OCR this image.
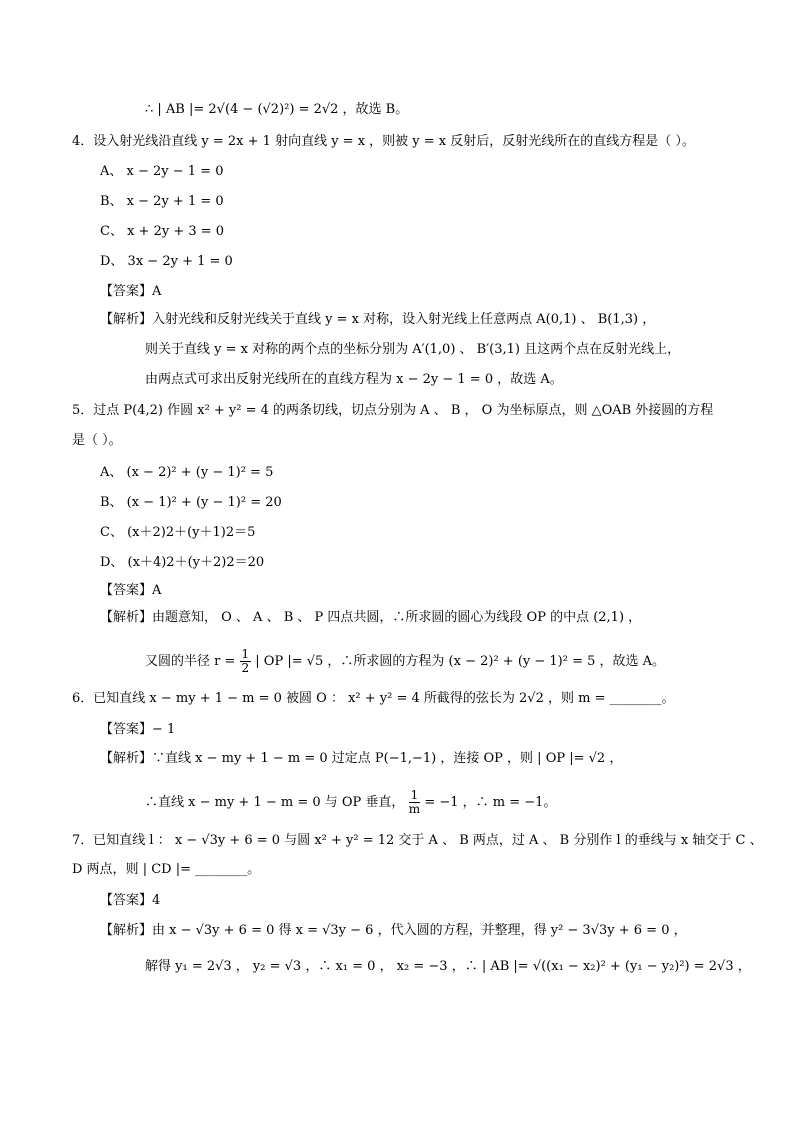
∴ | AB |= 2√(4 − (√2)²) = 2√2 ，故选 B。
4．设入射光线沿直线 y = 2x + 1 射向直线 y = x ，则被 y = x 反射后，反射光线所在的直线方程是（ ）。
A、 x − 2y − 1 = 0
B、 x − 2y + 1 = 0
C、 x + 2y + 3 = 0
D、 3x − 2y + 1 = 0
【答案】A
【解析】入射光线和反射光线关于直线 y = x 对称，设入射光线上任意两点 A(0,1) 、 B(1,3) ，
则关于直线 y = x 对称的两个点的坐标分别为 A′(1,0) 、 B′(3,1) 且这两个点在反射光线上，
由两点式可求出反射光线所在的直线方程为 x − 2y − 1 = 0 ，故选 A。
5．过点 P(4,2) 作圆 x² + y² = 4 的两条切线，切点分别为 A 、 B ， O 为坐标原点，则 △OAB 外接圆的方程
是（ ）。
A、 (x − 2)² + (y − 1)² = 5
B、 (x − 1)² + (y − 1)² = 20
C、 (x＋2)2＋(y＋1)2＝5
D、 (x＋4)2＋(y＋2)2＝20
【答案】A
【解析】由题意知， O 、 A 、 B 、 P 四点共圆，∴所求圆的圆心为线段 OP 的中点 (2,1) ，
又圆的半径 $r = \frac{1}{2}$ | OP |= √5 ，∴所求圆的方程为 (x − 2)² + (y − 1)² = 5 ，故选 A。
6．已知直线 x − my + 1 − m = 0 被圆 O ： x² + y² = 4 所截得的弦长为 2√2 ，则 m = ________。
【答案】− 1
【解析】∵直线 x − my + 1 − m = 0 过定点 P(−1,−1) ，连接 OP ，则 | OP |= √2 ，
∴直线 x − my + 1 − m = 0 与 OP 垂直， $\frac{1}{m} = -1$ ，∴ m = −1。
7．已知直线 l ： x − √3y + 6 = 0 与圆 x² + y² = 12 交于 A 、 B 两点，过 A 、 B 分别作 l 的垂线与 x 轴交于 C 、
D 两点，则 | CD |= ________。
【答案】4
【解析】由 x − √3y + 6 = 0 得 x = √3y − 6 ，代入圆的方程，并整理，得 y² − 3√3y + 6 = 0 ，
解得 y₁ = 2√3 ， y₂ = √3 ，∴ x₁ = 0 ， x₂ = −3 ，∴ | AB |= √((x₁ − x₂)² + (y₁ − y₂)²) = 2√3 ，
